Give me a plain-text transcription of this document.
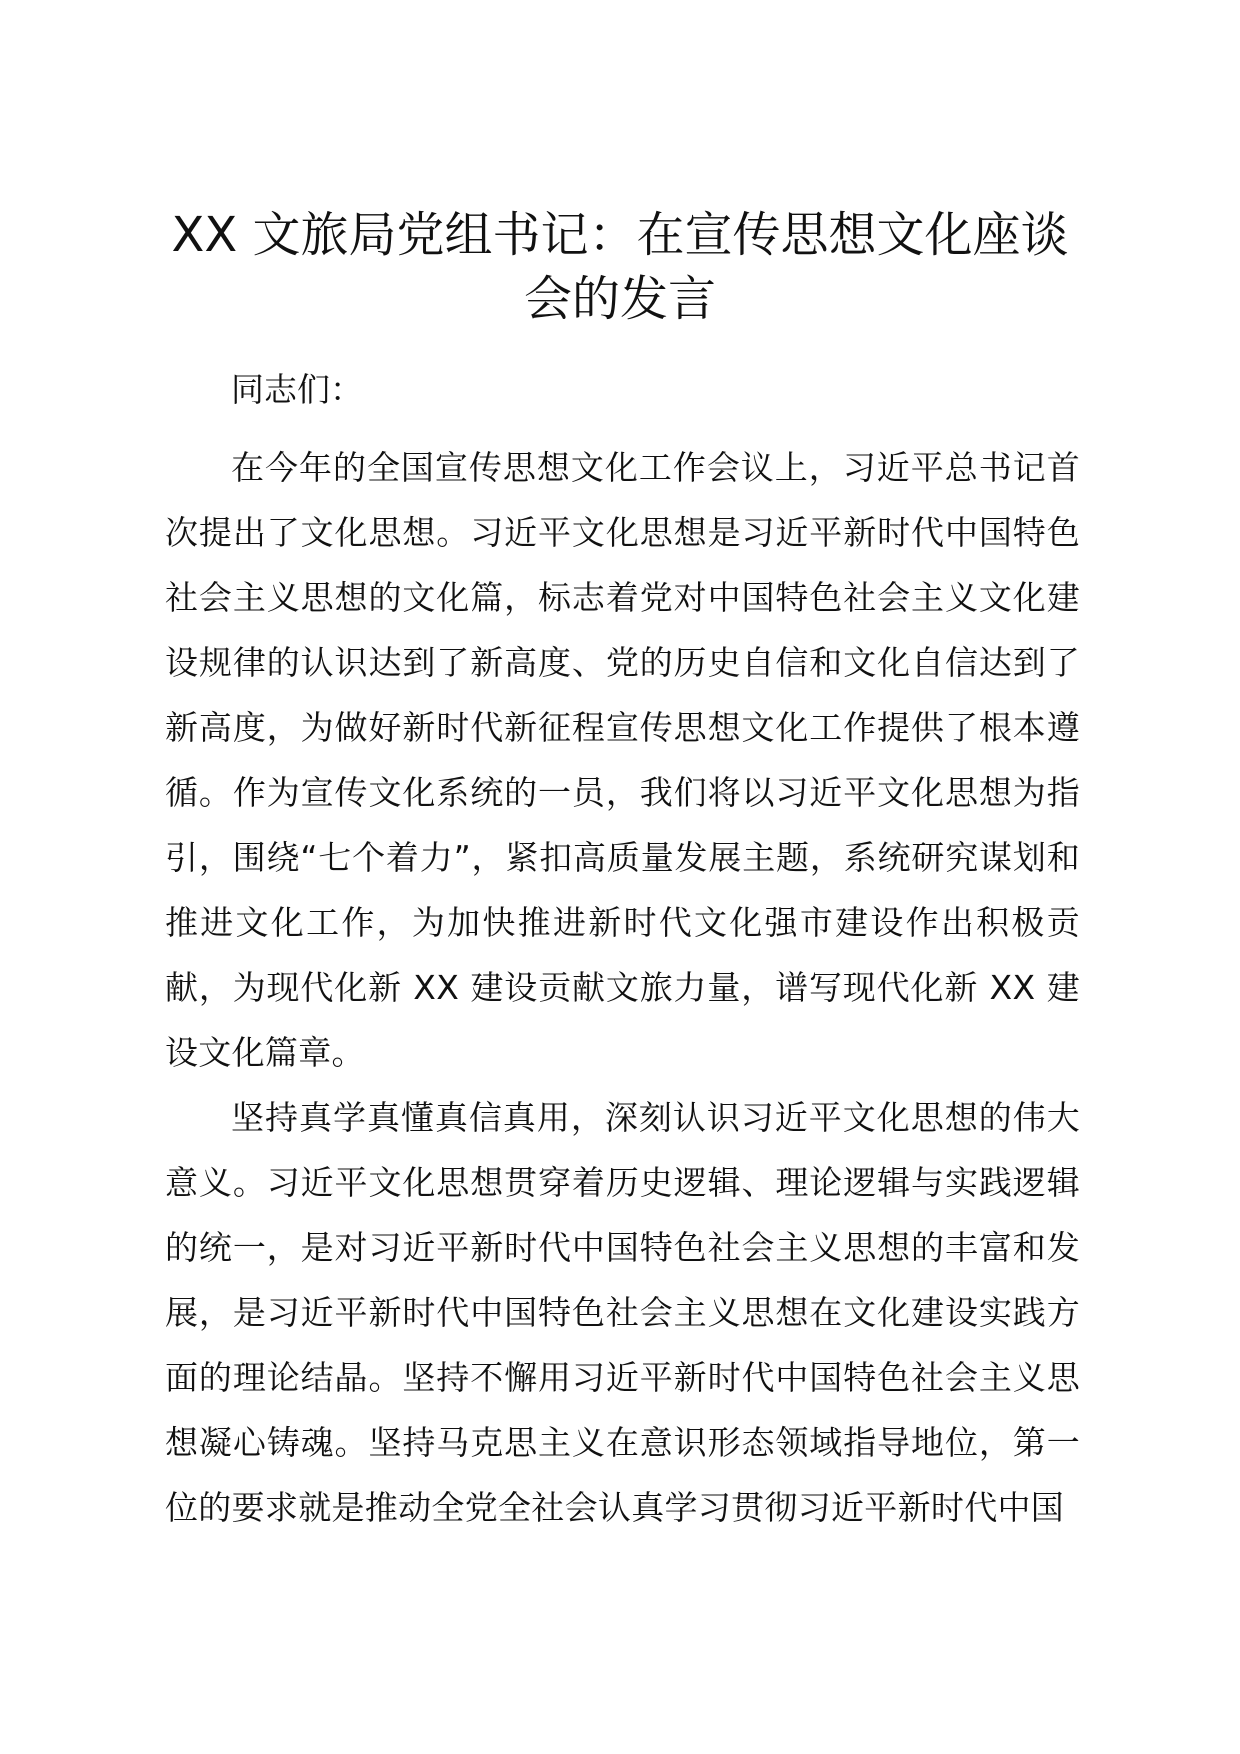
XX 文旅局党组书记：在宣传思想文化座谈会的发言

同志们：

在今年的全国宣传思想文化工作会议上，习近平总书记首次提出了文化思想。习近平文化思想是习近平新时代中国特色社会主义思想的文化篇，标志着党对中国特色社会主义文化建设规律的认识达到了新高度、党的历史自信和文化自信达到了新高度，为做好新时代新征程宣传思想文化工作提供了根本遵循。作为宣传文化系统的一员，我们将以习近平文化思想为指引，围绕“七个着力”，紧扣高质量发展主题，系统研究谋划和推进文化工作，为加快推进新时代文化强市建设作出积极贡献，为现代化新 XX 建设贡献文旅力量，谱写现代化新 XX 建设文化篇章。

坚持真学真懂真信真用，深刻认识习近平文化思想的伟大意义。习近平文化思想贯穿着历史逻辑、理论逻辑与实践逻辑的统一，是对习近平新时代中国特色社会主义思想的丰富和发展，是习近平新时代中国特色社会主义思想在文化建设实践方面的理论结晶。坚持不懈用习近平新时代中国特色社会主义思想凝心铸魂。坚持马克思主义在意识形态领域指导地位，第一位的要求就是推动全党全社会认真学习贯彻习近平新时代中国
